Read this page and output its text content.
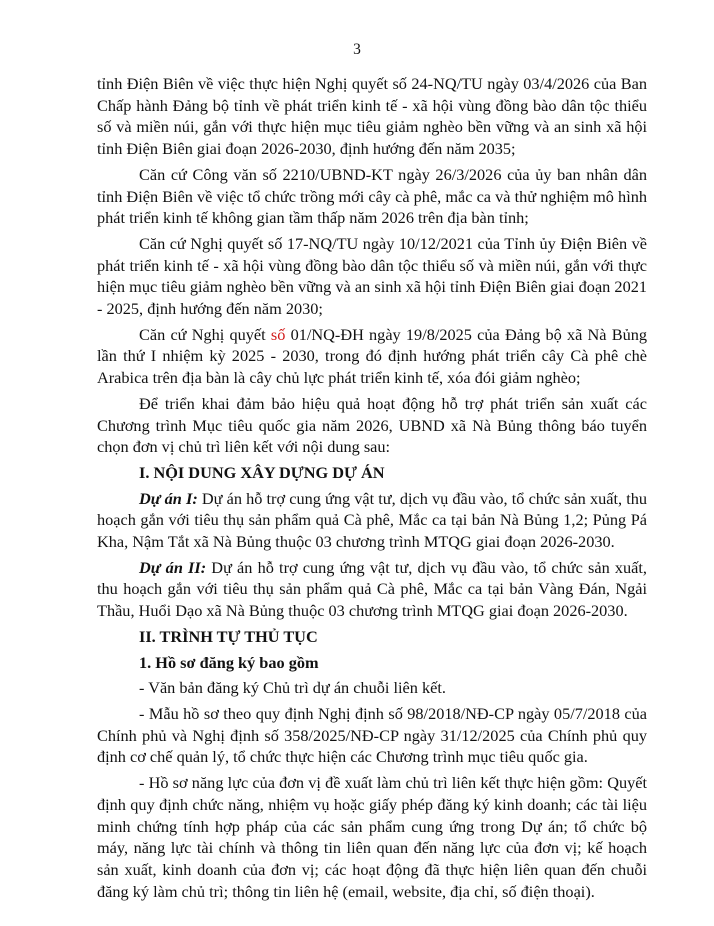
3

tỉnh Điện Biên về việc thực hiện Nghị quyết số 24-NQ/TU ngày 03/4/2026 của Ban Chấp hành Đảng bộ tỉnh về phát triển kinh tế - xã hội vùng đồng bào dân tộc thiểu số và miền núi, gắn với thực hiện mục tiêu giảm nghèo bền vững và an sinh xã hội tỉnh Điện Biên giai đoạn 2026-2030, định hướng đến năm 2035;

Căn cứ Công văn số 2210/UBND-KT ngày 26/3/2026 của ủy ban nhân dân tỉnh Điện Biên về việc tổ chức trồng mới cây cà phê, mắc ca và thử nghiệm mô hình phát triển kinh tế không gian tầm thấp năm 2026 trên địa bàn tỉnh;

Căn cứ Nghị quyết số 17-NQ/TU ngày 10/12/2021 của Tỉnh ủy Điện Biên về phát triển kinh tế - xã hội vùng đồng bào dân tộc thiểu số và miền núi, gắn với thực hiện mục tiêu giảm nghèo bền vững và an sinh xã hội tỉnh Điện Biên giai đoạn 2021 - 2025, định hướng đến năm 2030;

Căn cứ Nghị quyết số 01/NQ-ĐH ngày 19/8/2025 của Đảng bộ xã Nà Bủng lần thứ I nhiệm kỳ 2025 - 2030, trong đó định hướng phát triển cây Cà phê chè Arabica trên địa bàn là cây chủ lực phát triển kinh tế, xóa đói giảm nghèo;

Để triển khai đảm bảo hiệu quả hoạt động hỗ trợ phát triển sản xuất các Chương trình Mục tiêu quốc gia năm 2026, UBND xã Nà Bủng thông báo tuyển chọn đơn vị chủ trì liên kết với nội dung sau:

I. NỘI DUNG XÂY DỰNG DỰ ÁN

Dự án I: Dự án hỗ trợ cung ứng vật tư, dịch vụ đầu vào, tổ chức sản xuất, thu hoạch gắn với tiêu thụ sản phẩm quả Cà phê, Mắc ca tại bản Nà Bủng 1,2; Pủng Pá Kha, Nậm Tắt xã Nà Bủng thuộc 03 chương trình MTQG giai đoạn 2026-2030.

Dự án II: Dự án hỗ trợ cung ứng vật tư, dịch vụ đầu vào, tổ chức sản xuất, thu hoạch gắn với tiêu thụ sản phẩm quả Cà phê, Mắc ca tại bản Vàng Đán, Ngải Thầu, Huổi Dạo xã Nà Bủng thuộc 03 chương trình MTQG giai đoạn 2026-2030.

II. TRÌNH TỰ THỦ TỤC

1. Hồ sơ đăng ký bao gồm

- Văn bản đăng ký Chủ trì dự án chuỗi liên kết.

- Mẫu hồ sơ theo quy định Nghị định số 98/2018/NĐ-CP ngày 05/7/2018 của Chính phủ và Nghị định số 358/2025/NĐ-CP ngày 31/12/2025 của Chính phủ quy định cơ chế quản lý, tổ chức thực hiện các Chương trình mục tiêu quốc gia.

- Hồ sơ năng lực của đơn vị đề xuất làm chủ trì liên kết thực hiện gồm: Quyết định quy định chức năng, nhiệm vụ hoặc giấy phép đăng ký kinh doanh; các tài liệu minh chứng tính hợp pháp của các sản phẩm cung ứng trong Dự án; tổ chức bộ máy, năng lực tài chính và thông tin liên quan đến năng lực của đơn vị; kế hoạch sản xuất, kinh doanh của đơn vị; các hoạt động đã thực hiện liên quan đến chuỗi đăng ký làm chủ trì; thông tin liên hệ (email, website, địa chỉ, số điện thoại).
